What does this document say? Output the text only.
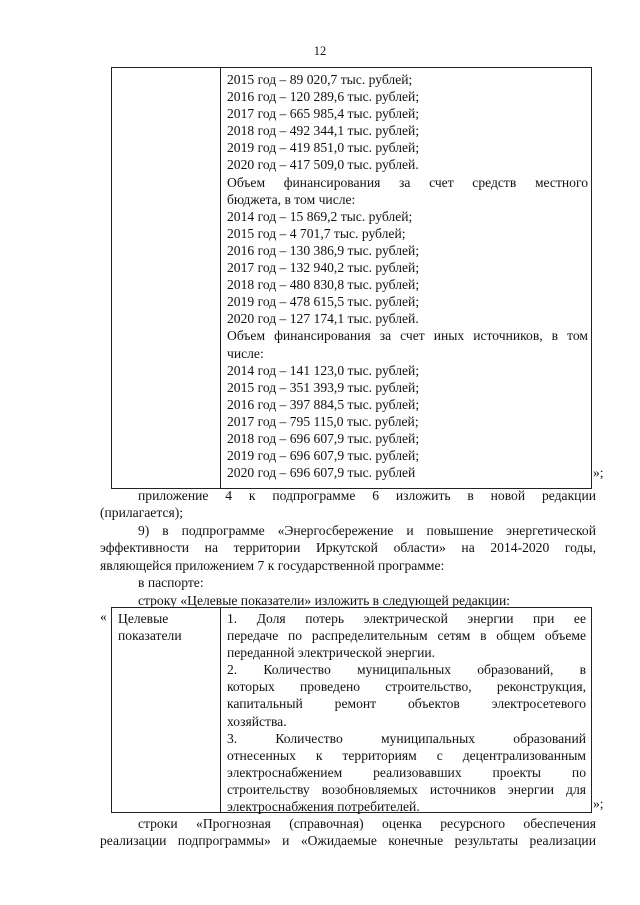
12
2015 год – 89 020,7 тыс. рублей;
2016 год – 120 289,6 тыс. рублей;
2017 год – 665 985,4 тыс. рублей;
2018 год – 492 344,1 тыс. рублей;
2019 год – 419 851,0 тыс. рублей;
2020 год – 417 509,0 тыс. рублей.
Объем финансирования за счет средств местного
бюджета, в том числе:
2014 год – 15 869,2 тыс. рублей;
2015 год – 4 701,7 тыс. рублей;
2016 год – 130 386,9 тыс. рублей;
2017 год – 132 940,2 тыс. рублей;
2018 год – 480 830,8 тыс. рублей;
2019 год – 478 615,5 тыс. рублей;
2020 год – 127 174,1 тыс. рублей.
Объем финансирования за счет иных источников, в том
числе:
2014 год – 141 123,0 тыс. рублей;
2015 год – 351 393,9 тыс. рублей;
2016 год – 397 884,5 тыс. рублей;
2017 год – 795 115,0 тыс. рублей;
2018 год – 696 607,9 тыс. рублей;
2019 год – 696 607,9 тыс. рублей;
2020 год – 696 607,9 тыс. рублей	»;
приложение 4 к подпрограмме 6 изложить в новой редакции
(прилагается);
9) в подпрограмме «Энергосбережение и повышение энергетической
эффективности на территории Иркутской области» на 2014-2020 годы,
являющейся приложением 7 к государственной программе:
в паспорте:
строку «Целевые показатели» изложить в следующей редакции:
« Целевые
показатели
1. Доля потерь электрической энергии при ее
передаче по распределительным сетям в общем объеме
переданной электрической энергии.
2. Количество муниципальных образований, в
которых проведено строительство, реконструкция,
капитальный ремонт объектов электросетевого
хозяйства.
3. Количество муниципальных образований
отнесенных к территориям с децентрализованным
электроснабжением реализовавших проекты по
строительству возобновляемых источников энергии для
электроснабжения потребителей.	»;
строки «Прогнозная (справочная) оценка ресурсного обеспечения
реализации подпрограммы» и «Ожидаемые конечные результаты реализации
